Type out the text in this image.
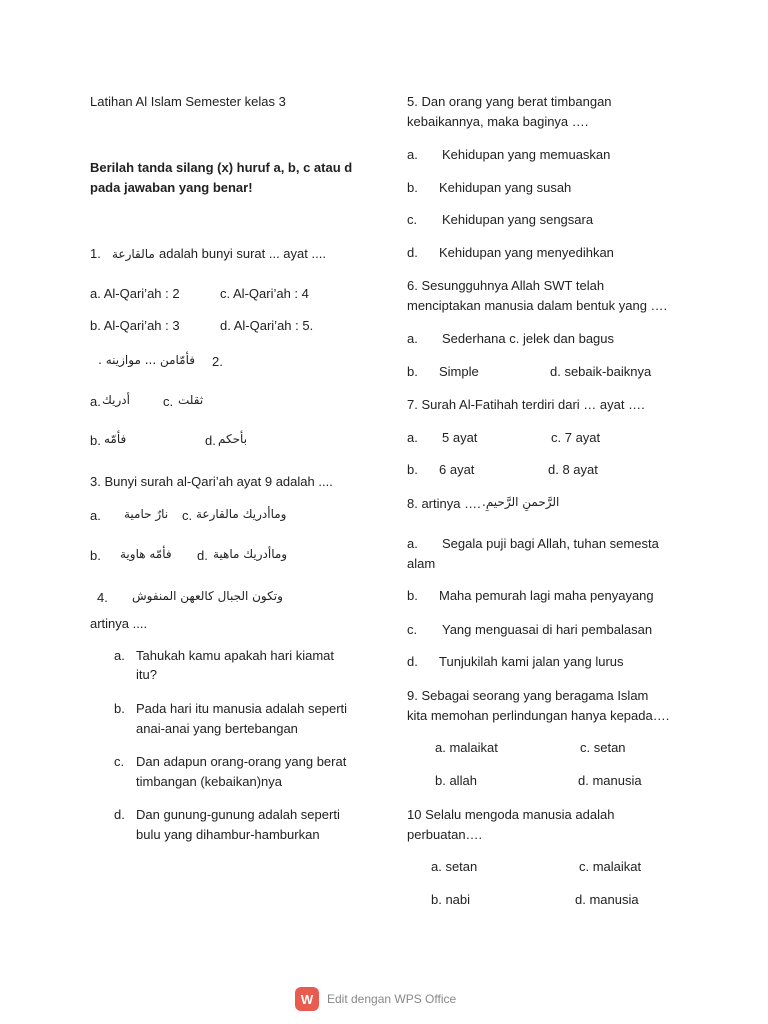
Latihan Al Islam Semester kelas 3
Berilah tanda silang (x) huruf a, b, c atau d
pada jawaban yang benar!
1. مالقارعة adalah bunyi surat ... ayat ....
a. Al-Qari’ah : 2	c. Al-Qari’ah : 4
b. Al-Qari’ah : 3	d. Al-Qari’ah : 5.
فأمّامن ... موازينه . 2.
a. أدريك	c. ثقلت
b. فأمّه	d. بأحكم
3. Bunyi surah al-Qari’ah ayat 9 adalah ....
a. نارٌ حامية c. وماأدريك مالقارعة
b. فأمّه هاوية d. وماأدريك ماهية
4. وتكون الجبال كالعهن المنفوش
artinya ....
a. Tahukah kamu apakah hari kiamat
itu?
b. Pada hari itu manusia adalah seperti
anai-anai yang bertebangan
c. Dan adapun orang-orang yang berat
timbangan (kebaikan)nya
d. Dan gunung-gunung adalah seperti
bulu yang dihambur-hamburkan
5. Dan orang yang berat timbangan
kebaikannya, maka baginya ….
a. Kehidupan yang memuaskan
b. Kehidupan yang susah
c. Kehidupan yang sengsara
d. Kehidupan yang menyedihkan
6. Sesungguhnya Allah SWT telah
menciptakan manusia dalam bentuk yang ….
a. Sederhana c. jelek dan bagus
b. Simple	d. sebaik-baiknya
7. Surah Al-Fatihah terdiri dari … ayat ….
a. 5 ayat	c. 7 ayat
b. 6 ayat	d. 8 ayat
8. artinya …. الرَّحمنِ الرَّحيمِ.
a. Segala puji bagi Allah, tuhan semesta
alam
b. Maha pemurah lagi maha penyayang
c. Yang menguasai di hari pembalasan
d. Tunjukilah kami jalan yang lurus
9. Sebagai seorang yang beragama Islam
kita memohan perlindungan hanya kepada….
a. malaikat	c. setan
b. allah	d. manusia
10 Selalu mengoda manusia adalah
perbuatan….
a. setan	c. malaikat
b. nabi	d. manusia
W	Edit dengan WPS Office
